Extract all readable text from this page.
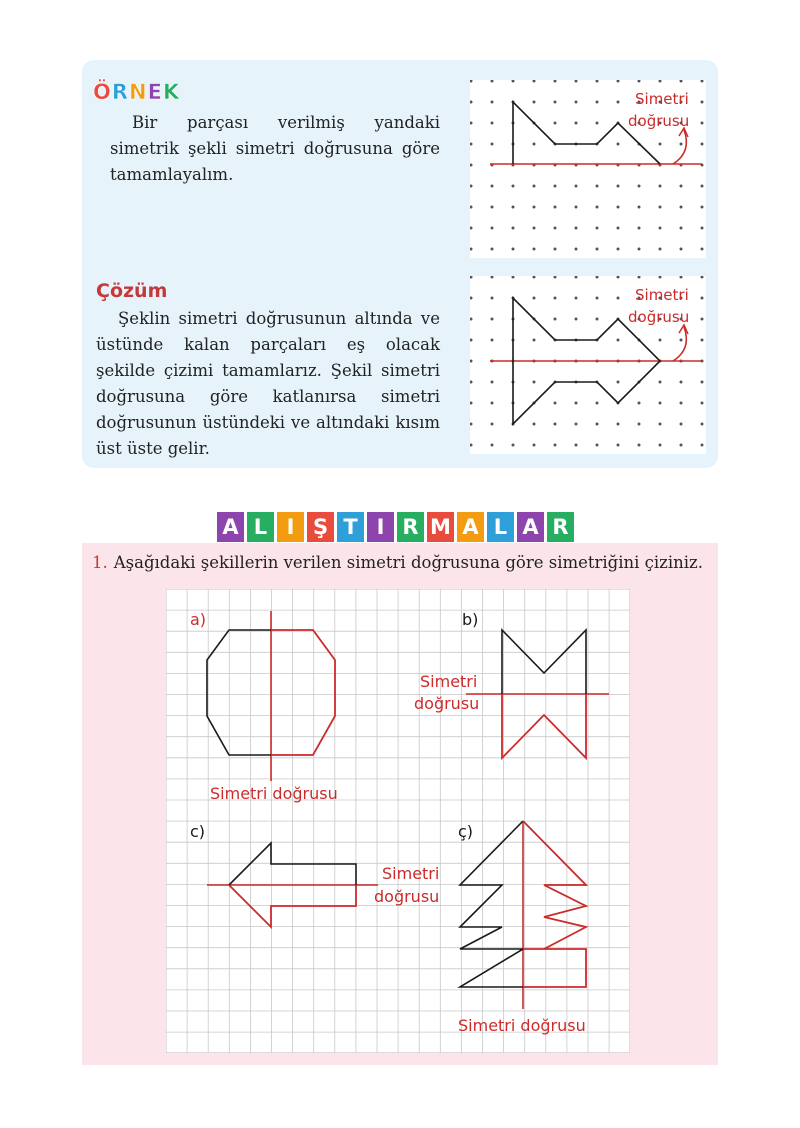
Ö R N E K

Bir parçası verilmiş yandaki simetrik şekli simetri doğrusuna göre tamamlayalım.

Simetri
doğrusu
Çözüm

Şeklin simetri doğrusunun altında ve üstünde kalan parçaları eş olacak şekilde çizimi tamamlarız. Şekil simetri doğrusuna göre katlanırsa simetri doğrusunun üstündeki ve altındaki kısım üst üste gelir.

Simetri
doğrusu
A L I Ş T I R M A L A R
1. Aşağıdaki şekillerin verilen simetri doğrusuna göre simetriğini çiziniz.
a)
Simetri doğrusu
b)
Simetri
doğrusu
c)
Simetri
doğrusu
ç)
Simetri doğrusu
